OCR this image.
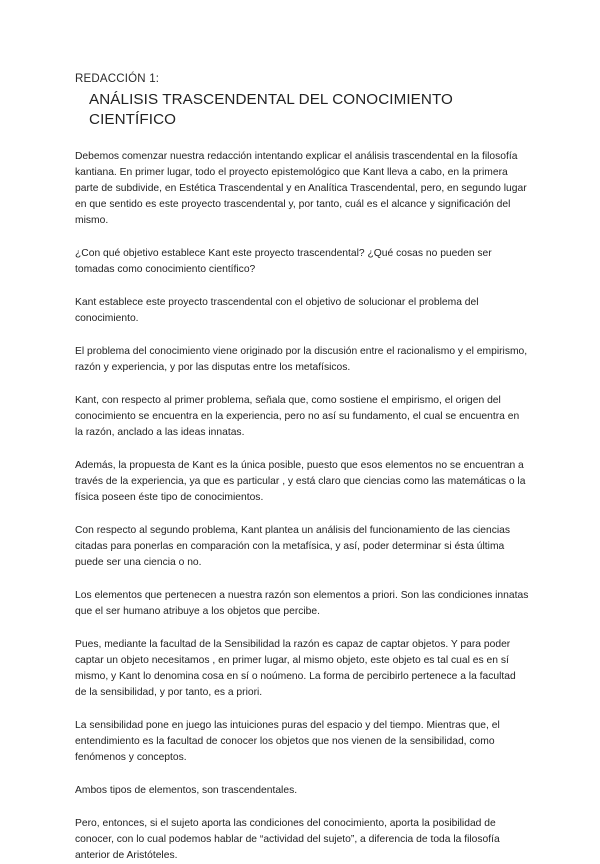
REDACCIÓN 1:
ANÁLISIS TRASCENDENTAL DEL CONOCIMIENTO CIENTÍFICO

Debemos comenzar nuestra redacción intentando explicar el análisis trascendental en la filosofía kantiana. En primer lugar, todo el proyecto epistemológico que Kant lleva a cabo, en la primera parte de subdivide, en Estética Trascendental y en Analítica Trascendental, pero, en segundo lugar en que sentido es este proyecto trascendental y, por tanto, cuál es el alcance y significación del mismo.

¿Con qué objetivo establece Kant este proyecto trascendental? ¿Qué cosas no pueden ser tomadas como conocimiento científico?

Kant establece este proyecto trascendental con el objetivo de solucionar el problema del conocimiento.

El problema del conocimiento viene originado por la discusión entre el racionalismo y el empirismo, razón y experiencia, y por las disputas entre los metafísicos.

Kant, con respecto al primer problema, señala que, como sostiene el empirismo, el origen del conocimiento se encuentra en la experiencia, pero no así su fundamento, el cual se encuentra en la razón, anclado a las ideas innatas.

Además, la propuesta de Kant es la única posible, puesto que esos elementos no se encuentran a través de la experiencia, ya que es particular , y está claro que ciencias como las matemáticas o la física poseen éste tipo de conocimientos.

Con respecto al segundo problema, Kant plantea un análisis del funcionamiento de las ciencias citadas para ponerlas en comparación con la metafísica, y así, poder determinar si ésta última puede ser una ciencia o no.

Los elementos que pertenecen a nuestra razón son elementos a priori. Son las condiciones innatas que el ser humano atribuye a los objetos que percibe.

Pues, mediante la facultad de la Sensibilidad la razón es capaz de captar objetos. Y para poder captar un objeto necesitamos , en primer lugar, al mismo objeto, este objeto es tal cual es en sí mismo, y Kant lo denomina cosa en sí o noúmeno. La forma de percibirlo pertenece a la facultad de la sensibilidad, y por tanto, es a priori.

La sensibilidad pone en juego las intuiciones puras del espacio y del tiempo. Mientras que, el entendimiento es la facultad de conocer los objetos que nos vienen de la sensibilidad, como fenómenos y conceptos.

Ambos tipos de elementos, son trascendentales.

Pero, entonces, si el sujeto aporta las condiciones del conocimiento, aporta la posibilidad de conocer, con lo cual podemos hablar de “actividad del sujeto”, a diferencia de toda la filosofía anterior de Aristóteles.
